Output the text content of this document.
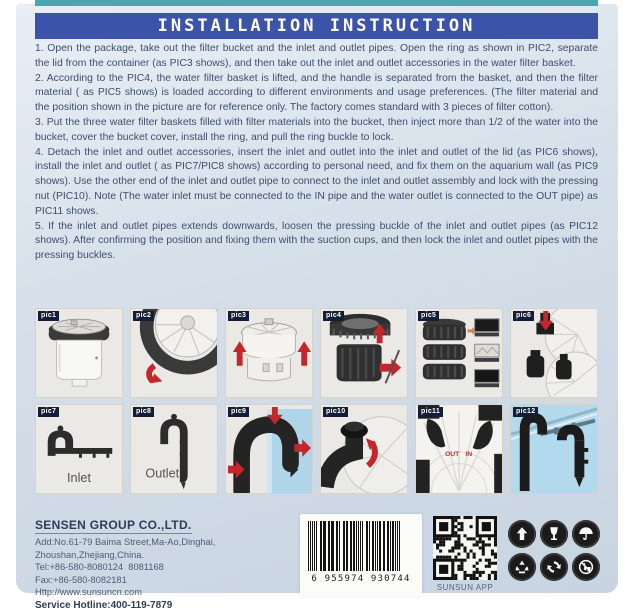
INSTALLATION INSTRUCTION

1. Open the package, take out the filter bucket and the inlet and outlet pipes. Open the ring as shown in PIC2, separate the lid from the container (as PIC3 shows), and then take out the inlet and outlet accessories in the water filter basket.

2. According to the PIC4, the water filter basket is lifted, and the handle is separated from the basket, and then the filter material ( as PIC5 shows) is loaded according to different environments and usage preferences. (The filter material and the position shown in the picture are for reference only. The factory comes standard with 3 pieces of filter cotton).

3. Put the three water filter baskets filled with filter materials into the bucket, then inject more than 1/2 of the water into the bucket, cover the bucket cover, install the ring, and pull the ring buckle to lock.

4. Detach the inlet and outlet accessories, insert the inlet and outlet into the inlet and outlet of the lid (as PIC6 shows), install the inlet and outlet ( as PIC7/PIC8 shows) according to personal need, and fix them on the aquarium wall (as PIC9 shows). Use the other end of the inlet and outlet pipe to connect to the inlet and outlet assembly and lock with the pressing nut (PIC10). Note (The water inlet must be connected to the IN pipe and the water outlet is connected to the OUT pipe) as PIC11 shows.

5. If the inlet and outlet pipes extends downwards, loosen the pressing buckle of the inlet and outlet pipes (as PIC12 shows). After confirming the position and fixing them with the suction cups, and then lock the inlet and outlet pipes with the pressing buckles.

pic1	pic2	pic3	pic4	pic5	pic6
Inlet
pic7
Outlet
pic8	pic9	pic10
OUT IN
pic11	pic12
SENSEN GROUP CO.,LTD.
Add:No.61-79 Baima Street,Ma-Ao,Dinghai,
Zhoushan,Zhejiang,China.
Tel:+86-580-8080124  8081168
Fax:+86-580-8082181
Http://www.sunsuncn.com
Service Hotline:400-119-7879
6 955974 930744
SUNSUN APP
